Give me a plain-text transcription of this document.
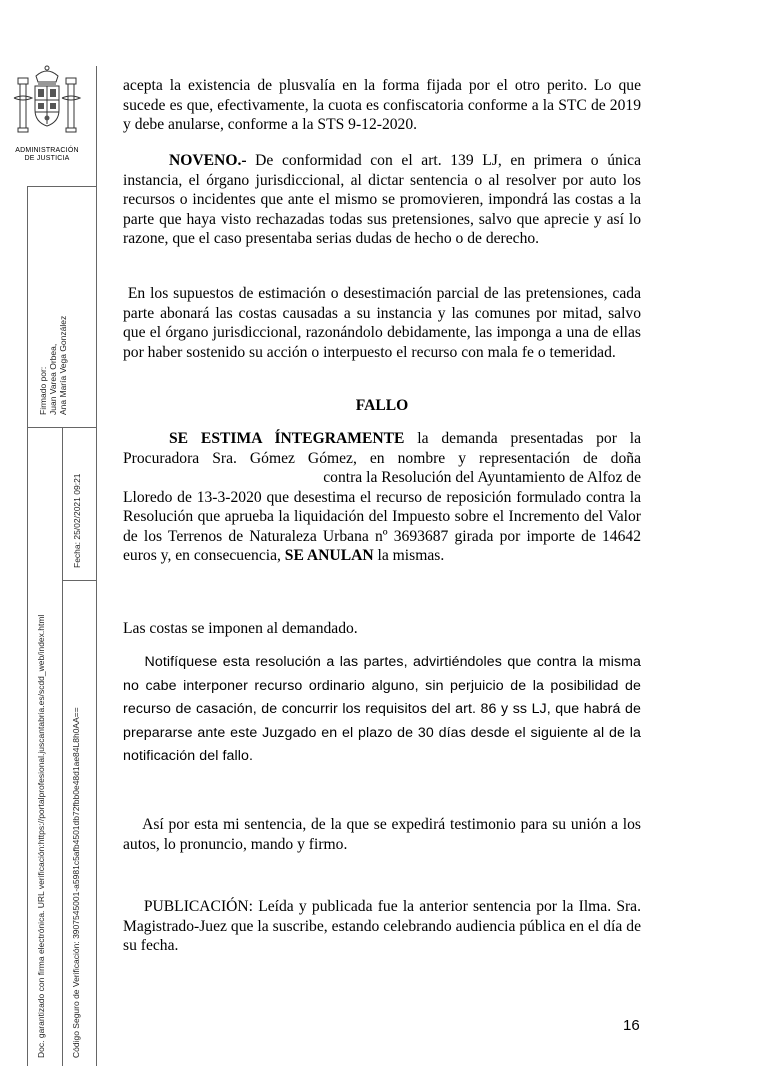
ADMINISTRACIÓN
DE JUSTICIA
Firmado por: Juan Varea Orbea, Ana María Vega González
Fecha: 25/02/2021 09:21
Doc. garantizado con firma electrónica. URL verificación:https://portalprofesional.juscantabria.es/scdd_web/index.html	Código Seguro de Verificación: 3907545001-a5981c5afb4501db72fbb0e48d1ae84L8h0AA==

acepta la existencia de plusvalía en la forma fijada por el otro perito. Lo que sucede es que, efectivamente, la cuota es confiscatoria conforme a la STC de 2019 y debe anularse, conforme a la STS 9-12-2020.

NOVENO.- De conformidad con el art. 139 LJ, en primera o única instancia, el órgano jurisdiccional, al dictar sentencia o al resolver por auto los recursos o incidentes que ante el mismo se promovieren, impondrá las costas a la parte que haya visto rechazadas todas sus pretensiones, salvo que aprecie y así lo razone, que el caso presentaba serias dudas de hecho o de derecho.

En los supuestos de estimación o desestimación parcial de las pretensiones, cada parte abonará las costas causadas a su instancia y las comunes por mitad, salvo que el órgano jurisdiccional, razonándolo debidamente, las imponga a una de ellas por haber sostenido su acción o interpuesto el recurso con mala fe o temeridad.

FALLO
SE ESTIMA ÍNTEGRAMENTE la demanda presentadas por la
Procuradora Sra. Gómez Gómez, en nombre y representación de doña
contra la Resolución del Ayuntamiento de Alfoz de
Lloredo de 13-3-2020 que desestima el recurso de reposición formulado contra la Resolución que aprueba la liquidación del Impuesto sobre el Incremento del Valor de los Terrenos de Naturaleza Urbana nº 3693687 girada por importe de 14642 euros y, en consecuencia, SE ANULAN la mismas.

Las costas se imponen al demandado.

Notifíquese esta resolución a las partes, advirtiéndoles que contra la misma no cabe interponer recurso ordinario alguno, sin perjuicio de la posibilidad de recurso de casación, de concurrir los requisitos del art. 86 y ss LJ, que habrá de prepararse ante este Juzgado en el plazo de 30 días desde el siguiente al de la notificación del fallo.

Así por esta mi sentencia, de la que se expedirá testimonio para su unión a los autos, lo pronuncio, mando y firmo.

PUBLICACIÓN: Leída y publicada fue la anterior sentencia por la Ilma. Sra. Magistrado-Juez que la suscribe, estando celebrando audiencia pública en el día de su fecha.

16
